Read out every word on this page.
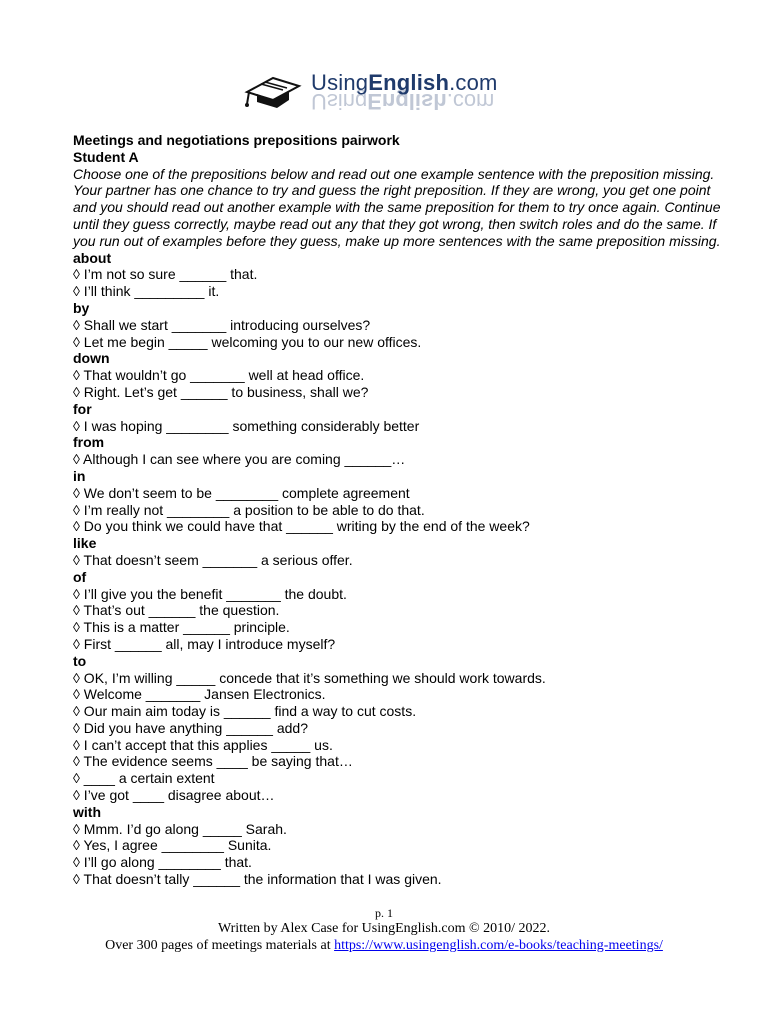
UsingEnglish.com
UsingEnglish.com
Meetings and negotiations prepositions pairwork
Student A

Choose one of the prepositions below and read out one example sentence with the preposition missing. Your partner has one chance to try and guess the right preposition. If they are wrong, you get one point and you should read out another example with the same preposition for them to try once again. Continue until they guess correctly, maybe read out any that they got wrong, then switch roles and do the same. If you run out of examples before they guess, make up more sentences with the same preposition missing.

about
◊ I’m not so sure ______ that.
◊ I’ll think _________ it.
by
◊ Shall we start _______ introducing ourselves?
◊ Let me begin _____ welcoming you to our new offices.
down
◊ That wouldn’t go _______ well at head office.
◊ Right. Let’s get ______ to business, shall we?
for
◊ I was hoping ________ something considerably better
from
◊ Although I can see where you are coming ______…
in
◊ We don’t seem to be ________ complete agreement
◊ I’m really not ________ a position to be able to do that.
◊ Do you think we could have that ______ writing by the end of the week?
like
◊ That doesn’t seem _______ a serious offer.
of
◊ I’ll give you the benefit _______ the doubt.
◊ That’s out ______ the question.
◊ This is a matter ______ principle.
◊ First ______ all, may I introduce myself?
to
◊ OK, I’m willing _____ concede that it’s something we should work towards.
◊ Welcome _______ Jansen Electronics.
◊ Our main aim today is ______ find a way to cut costs.
◊ Did you have anything ______ add?
◊ I can’t accept that this applies _____ us.
◊ The evidence seems ____ be saying that…
◊ ____ a certain extent
◊ I’ve got ____ disagree about…
with
◊ Mmm. I’d go along _____ Sarah.
◊ Yes, I agree ________ Sunita.
◊ I’ll go along ________ that.
◊ That doesn’t tally ______ the information that I was given.
p. 1
Written by Alex Case for UsingEnglish.com © 2010/ 2022.
Over 300 pages of meetings materials at https://www.usingenglish.com/e-books/teaching-meetings/
